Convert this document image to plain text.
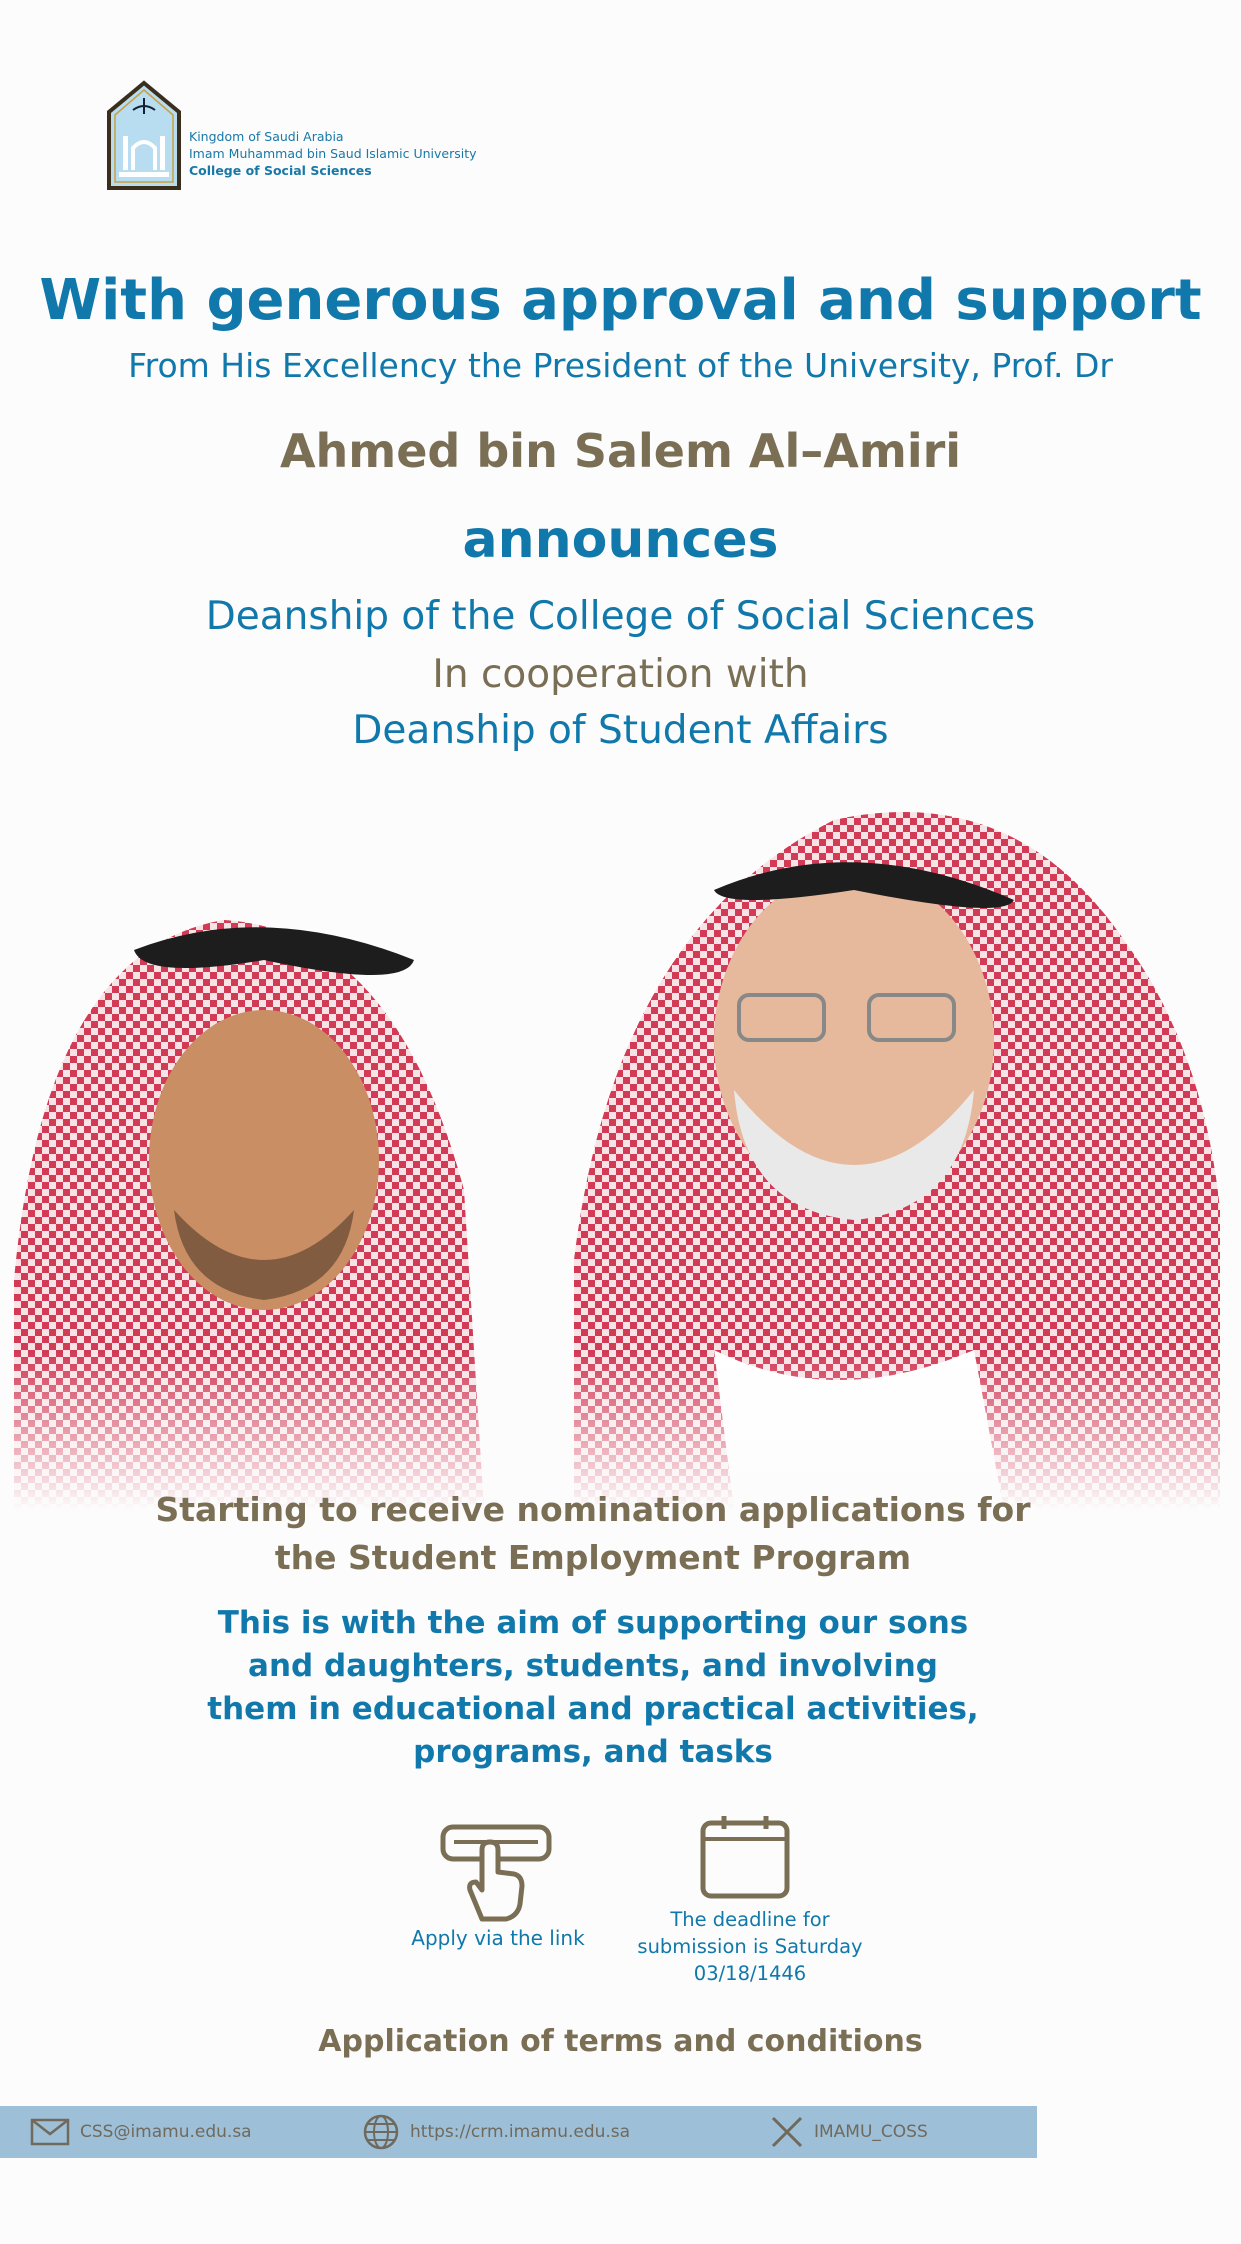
Kingdom of Saudi Arabia
Imam Muhammad bin Saud Islamic University
College of Social Sciences
With generous approval and support
From His Excellency the President of the University, Prof. Dr
Ahmed bin Salem Al–Amiri
announces
Deanship of the College of Social Sciences
In cooperation with
Deanship of Student Affairs
Starting to receive nomination applications for the Student Employment Program
This is with the aim of supporting our sons and daughters, students, and involving them in educational and practical activities, programs, and tasks
Apply via the link
The deadline for submission is Saturday 03/18/1446
Application of terms and conditions
CSS@imamu.edu.sa	https://crm.imamu.edu.sa	IMAMU_COSS
